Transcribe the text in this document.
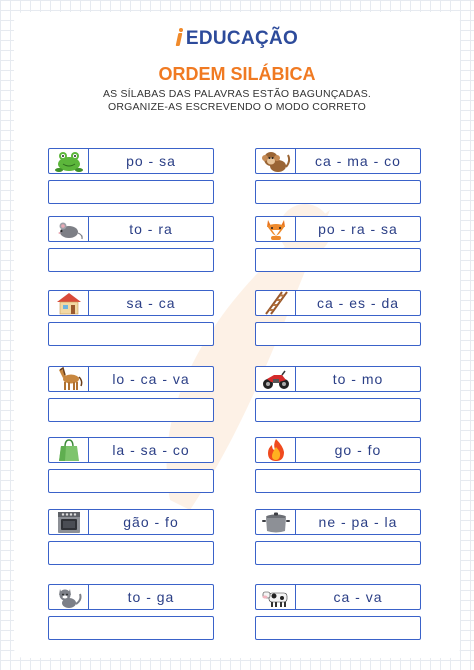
EDUCAÇÃO
ORDEM SILÁBICA
AS SÍLABAS DAS PALAVRAS ESTÃO BAGUNÇADAS.
ORGANIZE-AS ESCREVENDO O MODO CORRETO
po - sa	ca - ma - co
to - ra	po - ra - sa
sa - ca	ca - es - da
lo - ca - va	to - mo
la - sa - co	go - fo
gão - fo	ne - pa - la
to - ga	ca - va
